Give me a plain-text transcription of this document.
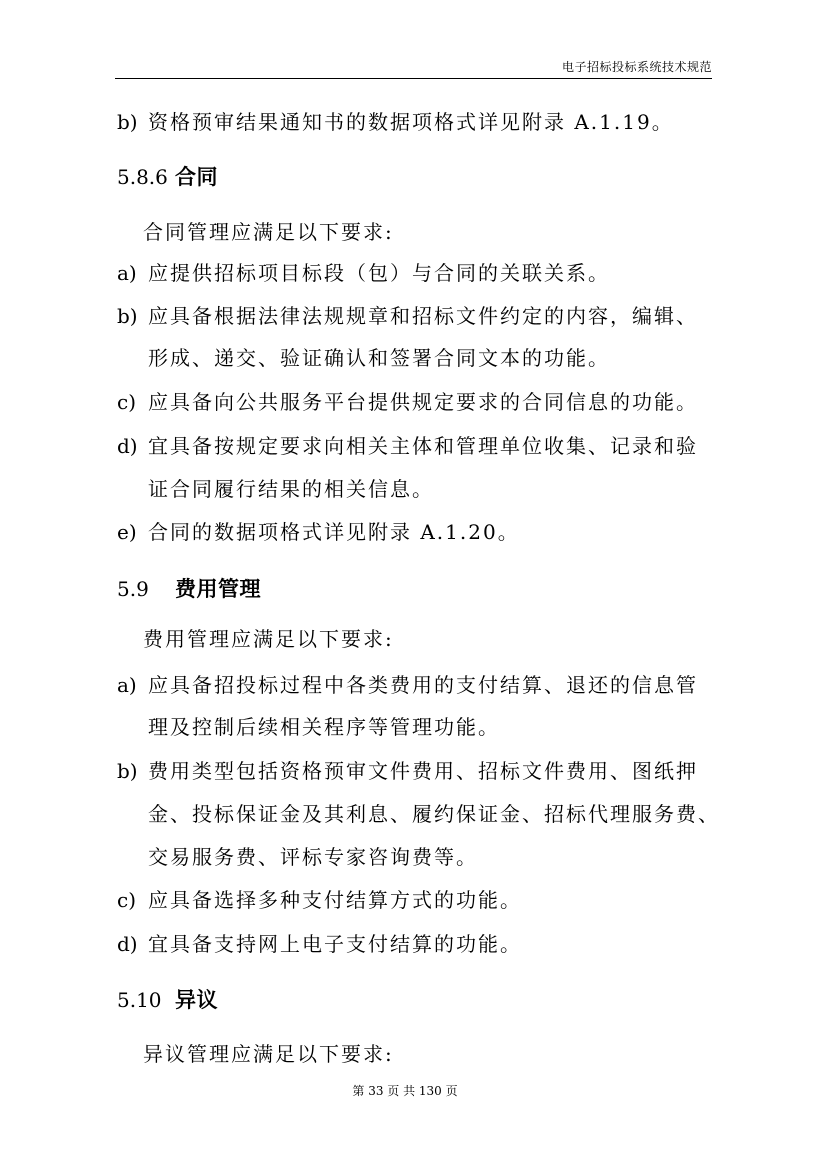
电子招标投标系统技术规范
b) 资格预审结果通知书的数据项格式详见附录 A.1.19。
5.8.6 合同
合同管理应满足以下要求:
a) 应提供招标项目标段（包）与合同的关联关系。
b) 应具备根据法律法规规章和招标文件约定的内容，编辑、
形成、递交、验证确认和签署合同文本的功能。
c) 应具备向公共服务平台提供规定要求的合同信息的功能。
d) 宜具备按规定要求向相关主体和管理单位收集、记录和验
证合同履行结果的相关信息。
e) 合同的数据项格式详见附录 A.1.20。
5.9 费用管理
费用管理应满足以下要求:
a) 应具备招投标过程中各类费用的支付结算、退还的信息管
理及控制后续相关程序等管理功能。
b) 费用类型包括资格预审文件费用、招标文件费用、图纸押
金、投标保证金及其利息、履约保证金、招标代理服务费、
交易服务费、评标专家咨询费等。
c) 应具备选择多种支付结算方式的功能。
d) 宜具备支持网上电子支付结算的功能。
5.10 异议
异议管理应满足以下要求:
第 33 页 共 130 页
